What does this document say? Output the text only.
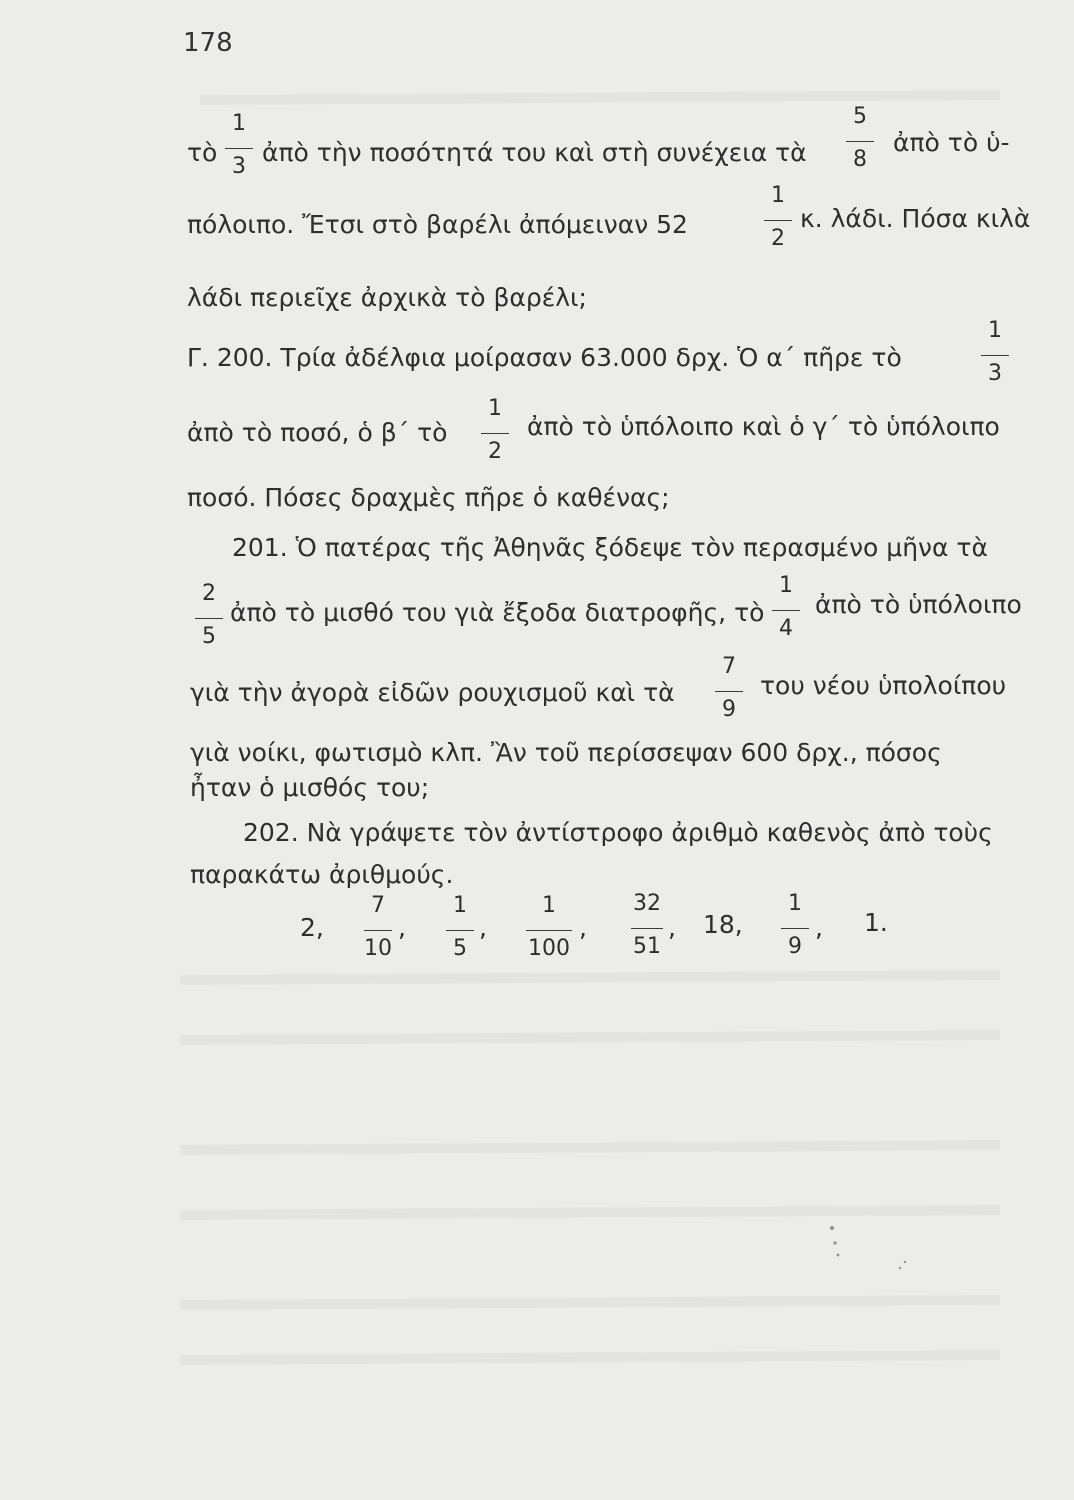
178
τὸ
1
3 ἀπὸ τὴν ποσότητά του καὶ στὴ συνέχεια τὰ
5
8
ἀπὸ τὸ ὑ-
πόλοιπο. Ἔτσι στὸ βαρέλι ἀπόμειναν 52
1
2
κ. λάδι. Πόσα κιλὰ
λάδι περιεῖχε ἀρχικὰ τὸ βαρέλι;
Γ. 200. Τρία ἀδέλφια μοίρασαν 63.000 δρχ. Ὁ α΄ πῆρε τὸ
1
3
ἀπὸ τὸ ποσό, ὁ β΄ τὸ
1
2
ἀπὸ τὸ ὑπόλοιπο καὶ ὁ γ΄ τὸ ὑπόλοιπο
ποσό. Πόσες δραχμὲς πῆρε ὁ καθένας;
201. Ὁ πατέρας τῆς Ἀθηνᾶς ξόδεψε τὸν περασμένο μῆνα τὰ
2
5
ἀπὸ τὸ μισθό του γιὰ ἔξοδα διατροφῆς, τὸ
1
4
ἀπὸ τὸ ὑπόλοιπο
γιὰ τὴν ἀγορὰ εἰδῶν ρουχισμοῦ καὶ τὰ
7
9
του νέου ὑπολοίπου
γιὰ νοίκι, φωτισμὸ κλπ. Ἂν τοῦ περίσσεψαν 600 δρχ., πόσος
ἦταν ὁ μισθός του;
202. Νὰ γράψετε τὸν ἀντίστροφο ἀριθμὸ καθενὸς ἀπὸ τοὺς
παρακάτω ἀριθμούς.
2,
7
10
,
1
5
,
1
100
,
32
51
, 18,
1
9
, 1.
